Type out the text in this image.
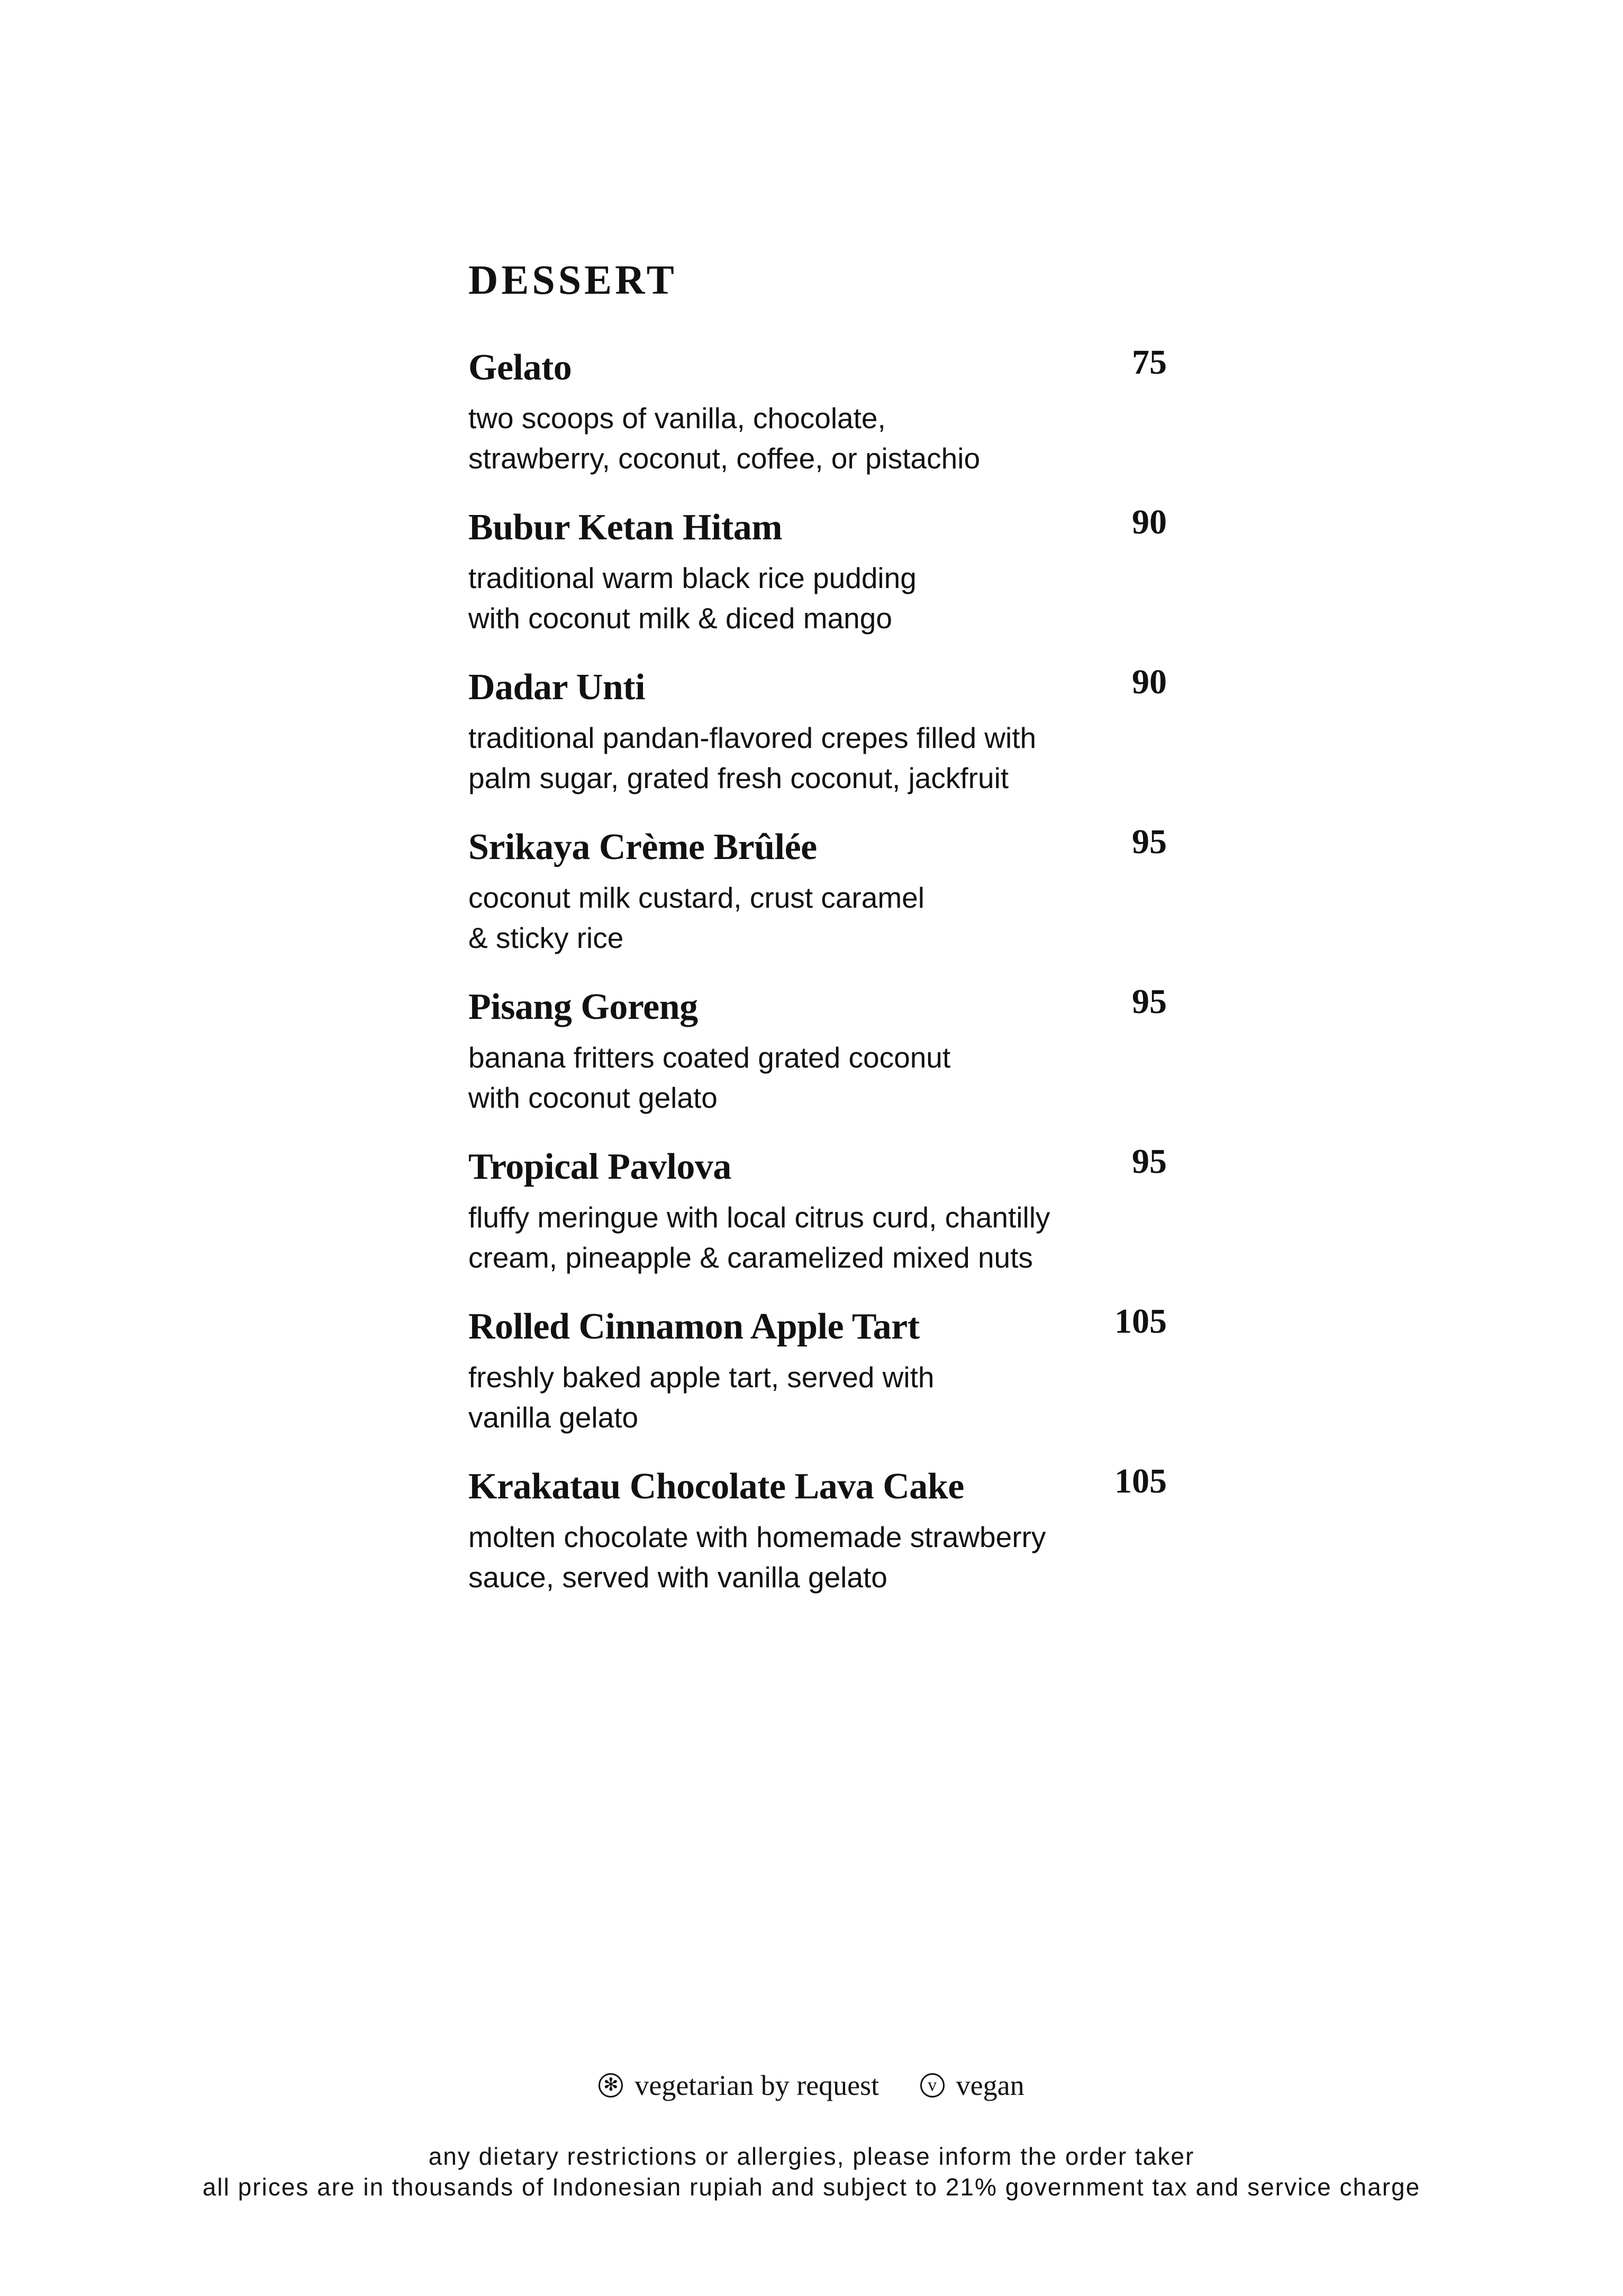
DESSERT
Gelato	75
two scoops of vanilla, chocolate,
strawberry, coconut, coffee, or pistachio
Bubur Ketan Hitam	90
traditional warm black rice pudding
with coconut milk & diced mango
Dadar Unti	90
traditional pandan-flavored crepes filled with
palm sugar, grated fresh coconut, jackfruit
Srikaya Crème Brûlée	95
coconut milk custard, crust caramel
& sticky rice
Pisang Goreng	95
banana fritters coated grated coconut
with coconut gelato
Tropical Pavlova	95
fluffy meringue with local citrus curd, chantilly
cream, pineapple & caramelized mixed nuts
Rolled Cinnamon Apple Tart	105
freshly baked apple tart, served with
vanilla gelato
Krakatau Chocolate Lava Cake	105
molten chocolate with homemade strawberry
sauce, served with vanilla gelato
✻ vegetarian by request
	v vegan
any dietary restrictions or allergies, please inform the order taker
all prices are in thousands of Indonesian rupiah and subject to 21% government tax and service charge
